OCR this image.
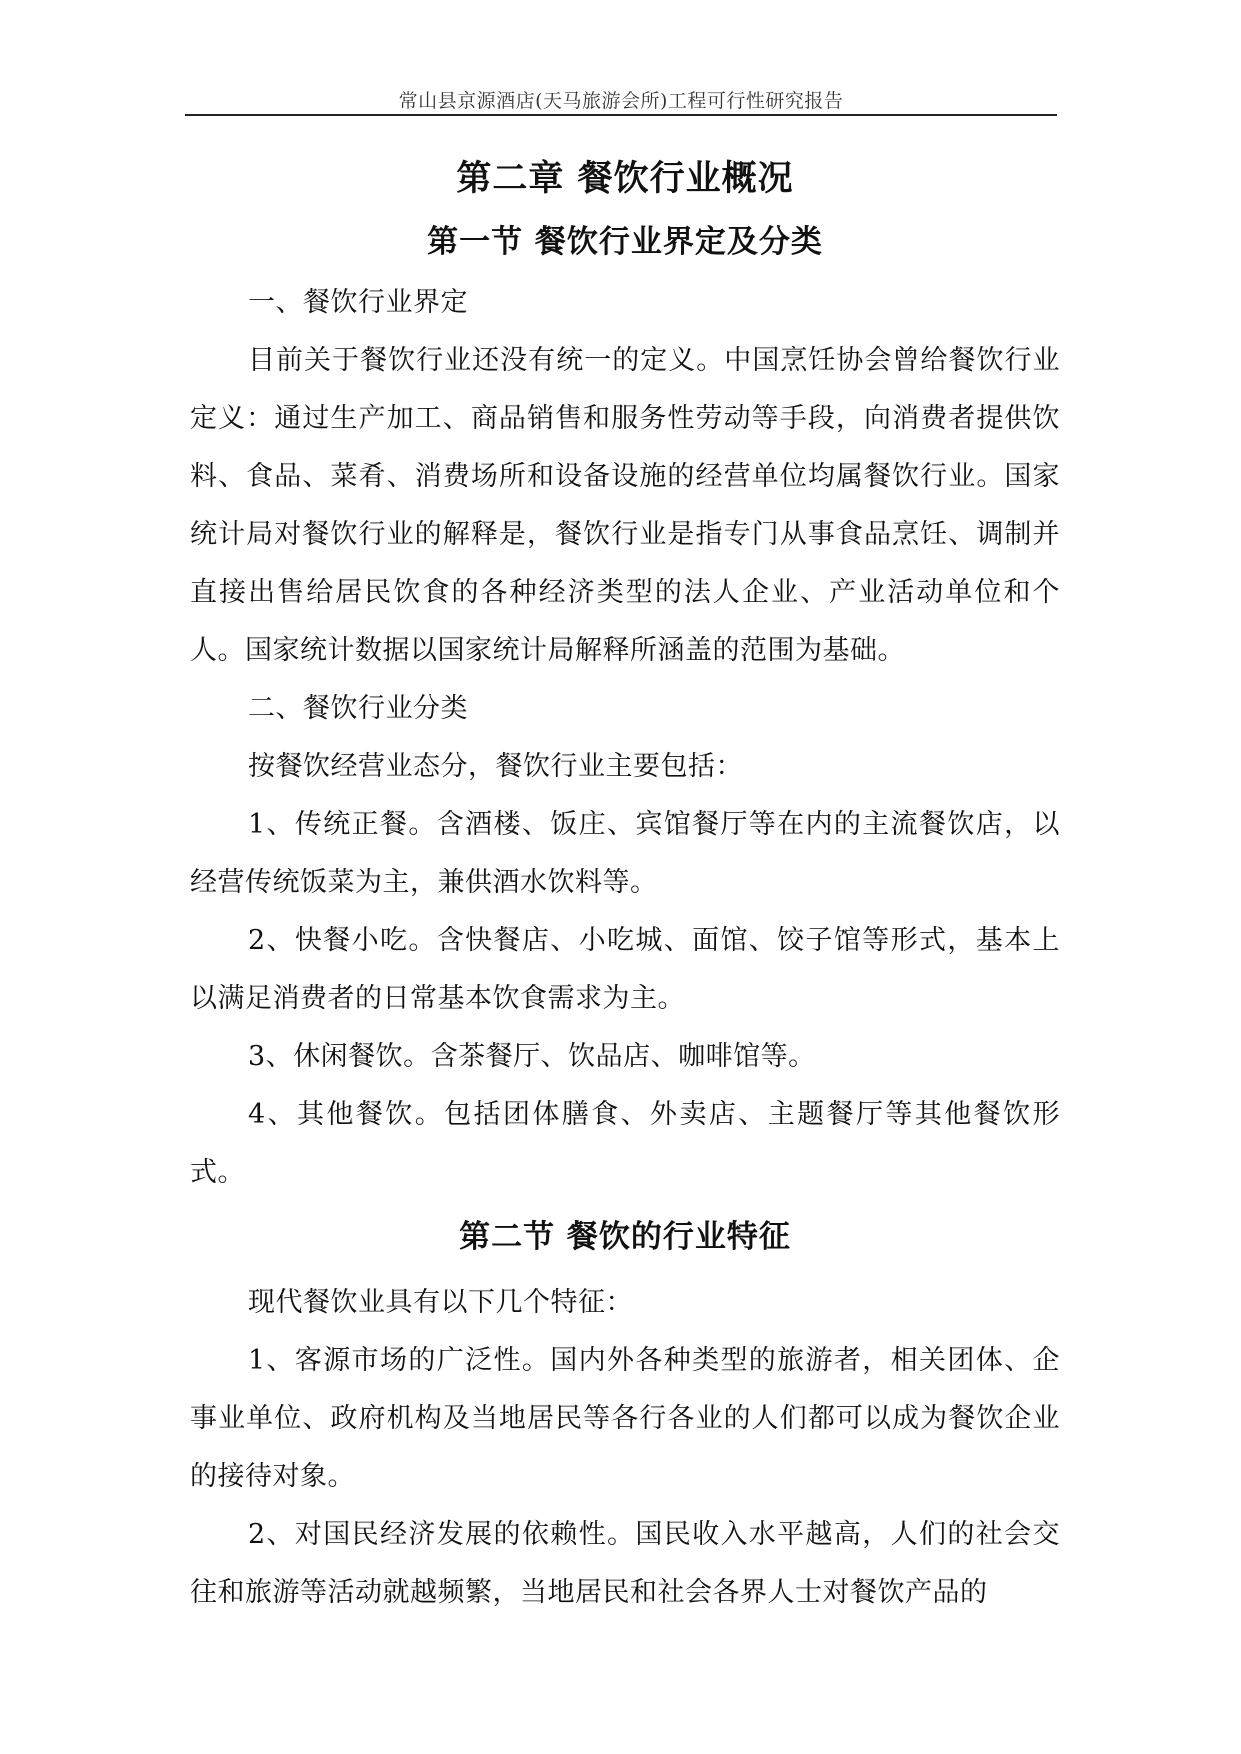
常山县京源酒店(天马旅游会所)工程可行性研究报告
第二章 餐饮行业概况
第一节 餐饮行业界定及分类

一、餐饮行业界定

目前关于餐饮行业还没有统一的定义。中国烹饪协会曾给餐饮行业定义：通过生产加工、商品销售和服务性劳动等手段，向消费者提供饮料、食品、菜肴、消费场所和设备设施的经营单位均属餐饮行业。国家统计局对餐饮行业的解释是，餐饮行业是指专门从事食品烹饪、调制并直接出售给居民饮食的各种经济类型的法人企业、产业活动单位和个人。国家统计数据以国家统计局解释所涵盖的范围为基础。

二、餐饮行业分类

按餐饮经营业态分，餐饮行业主要包括：

1、传统正餐。含酒楼、饭庄、宾馆餐厅等在内的主流餐饮店，以经营传统饭菜为主，兼供酒水饮料等。

2、快餐小吃。含快餐店、小吃城、面馆、饺子馆等形式，基本上以满足消费者的日常基本饮食需求为主。

3、休闲餐饮。含茶餐厅、饮品店、咖啡馆等。

4、其他餐饮。包括团体膳食、外卖店、主题餐厅等其他餐饮形式。

第二节 餐饮的行业特征

现代餐饮业具有以下几个特征：

1、客源市场的广泛性。国内外各种类型的旅游者，相关团体、企事业单位、政府机构及当地居民等各行各业的人们都可以成为餐饮企业的接待对象。

2、对国民经济发展的依赖性。国民收入水平越高，人们的社会交往和旅游等活动就越频繁，当地居民和社会各界人士对餐饮产品的
